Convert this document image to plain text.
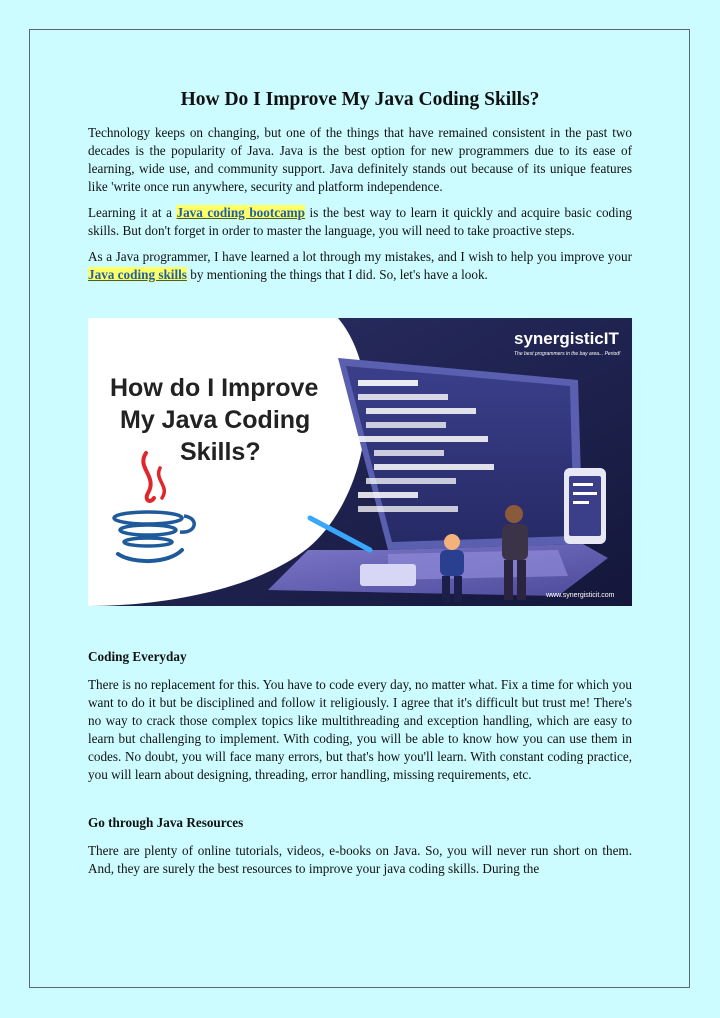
How Do I Improve My Java Coding Skills?

Technology keeps on changing, but one of the things that have remained consistent in the past two decades is the popularity of Java. Java is the best option for new programmers due to its ease of learning, wide use, and community support. Java definitely stands out because of its unique features like 'write once run anywhere, security and platform independence.

Learning it at a Java coding bootcamp is the best way to learn it quickly and acquire basic coding skills. But don't forget in order to master the language, you will need to take proactive steps.

As a Java programmer, I have learned a lot through my mistakes, and I wish to help you improve your Java coding skills by mentioning the things that I did. So, let's have a look.

How do I Improve
My Java Coding
Skills?
synergisticIT
The best programmers in the bay area... Period!
www.synergisticit.com
Coding Everyday

There is no replacement for this. You have to code every day, no matter what. Fix a time for which you want to do it but be disciplined and follow it religiously. I agree that it's difficult but trust me! There's no way to crack those complex topics like multithreading and exception handling, which are easy to learn but challenging to implement. With coding, you will be able to know how you can use them in codes. No doubt, you will face many errors, but that's how you'll learn. With constant coding practice, you will learn about designing, threading, error handling, missing requirements, etc.

Go through Java Resources

There are plenty of online tutorials, videos, e-books on Java. So, you will never run short on them. And, they are surely the best resources to improve your java coding skills. During the
